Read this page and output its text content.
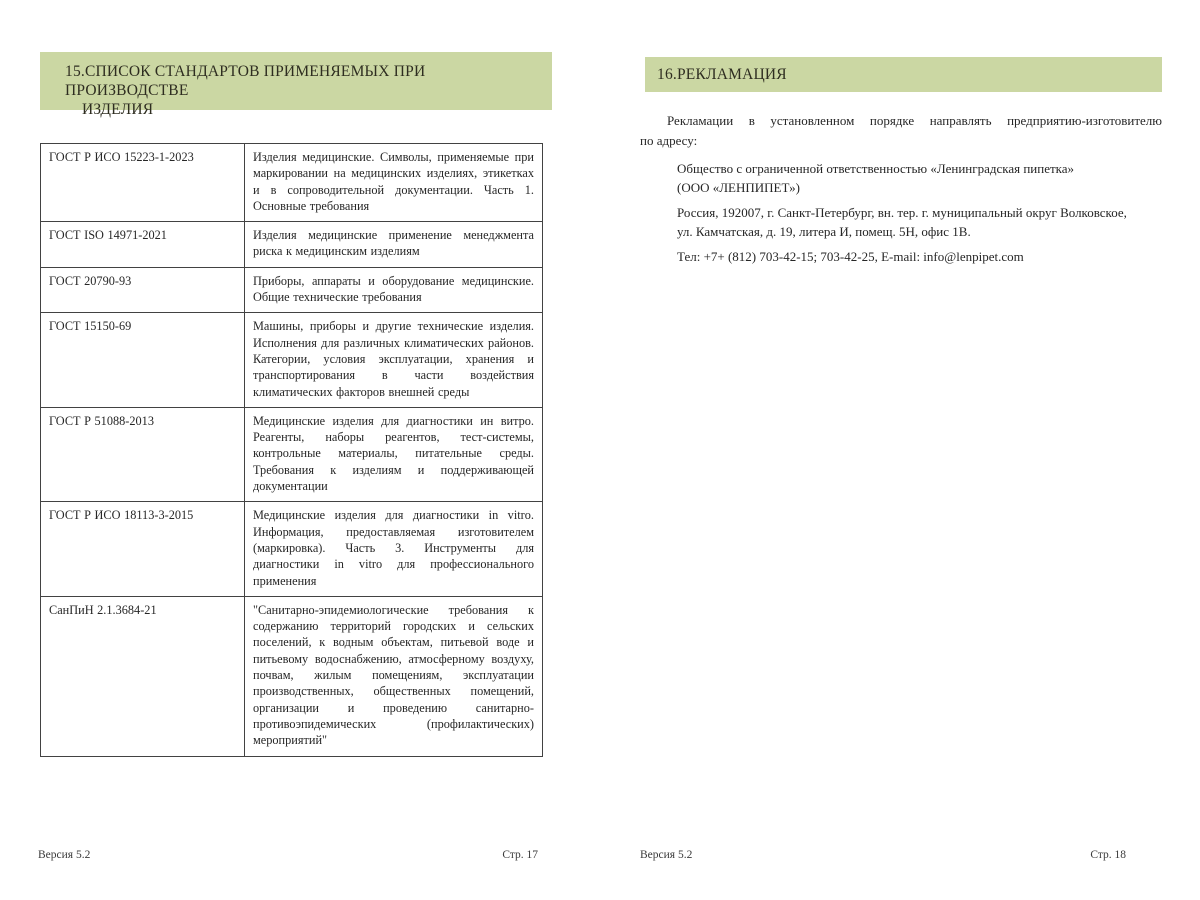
15.СПИСОК СТАНДАРТОВ ПРИМЕНЯЕМЫХ ПРИ ПРОИЗВОДСТВЕ
ИЗДЕЛИЯ
ГОСТ Р ИСО 15223-1-2023	Изделия медицинские. Символы, применяемые при маркировании на медицинских изделиях, этикетках и в сопроводительной документации. Часть 1. Основные требования
ГОСТ ISO 14971-2021	Изделия медицинские применение менеджмента риска к медицинским изделиям
ГОСТ 20790-93	Приборы, аппараты и оборудование медицинские. Общие технические требования
ГОСТ 15150-69	Машины, приборы и другие технические изделия. Исполнения для различных климатических районов. Категории, условия эксплуатации, хранения и транспортирования в части воздействия климатических факторов внешней среды
ГОСТ Р 51088-2013	Медицинские изделия для диагностики ин витро. Реагенты, наборы реагентов, тест-системы, контрольные материалы, питательные среды. Требования к изделиям и поддерживающей документации
ГОСТ Р ИСО 18113-3-2015	Медицинские изделия для диагностики in vitro. Информация, предоставляемая изготовителем (маркировка). Часть 3. Инструменты для диагностики in vitro для профессионального применения
СанПиН 2.1.3684-21	"Санитарно-эпидемиологические требования к содержанию территорий городских и сельских поселений, к водным объектам, питьевой воде и питьевому водоснабжению, атмосферному воздуху, почвам, жилым помещениям, эксплуатации производственных, общественных помещений, организации и проведению санитарно-противоэпидемических (профилактических) мероприятий"
Версия 5.2	Стр. 17
16.РЕКЛАМАЦИЯ
Рекламации в установленном порядке направлять предприятию-изготовителю
по адресу:

Общество с ограниченной ответственностью «Ленинградская пипетка»
(ООО «ЛЕНПИПЕТ»)

Россия, 192007, г. Санкт-Петербург, вн. тер. г. муниципальный округ Волковское,
ул. Камчатская, д. 19, литера И, помещ. 5Н, офис 1В.

Тел: +7+ (812) 703-42-15; 703-42-25, E-mail: info@lenpipet.com

Версия 5.2	Стр. 18
